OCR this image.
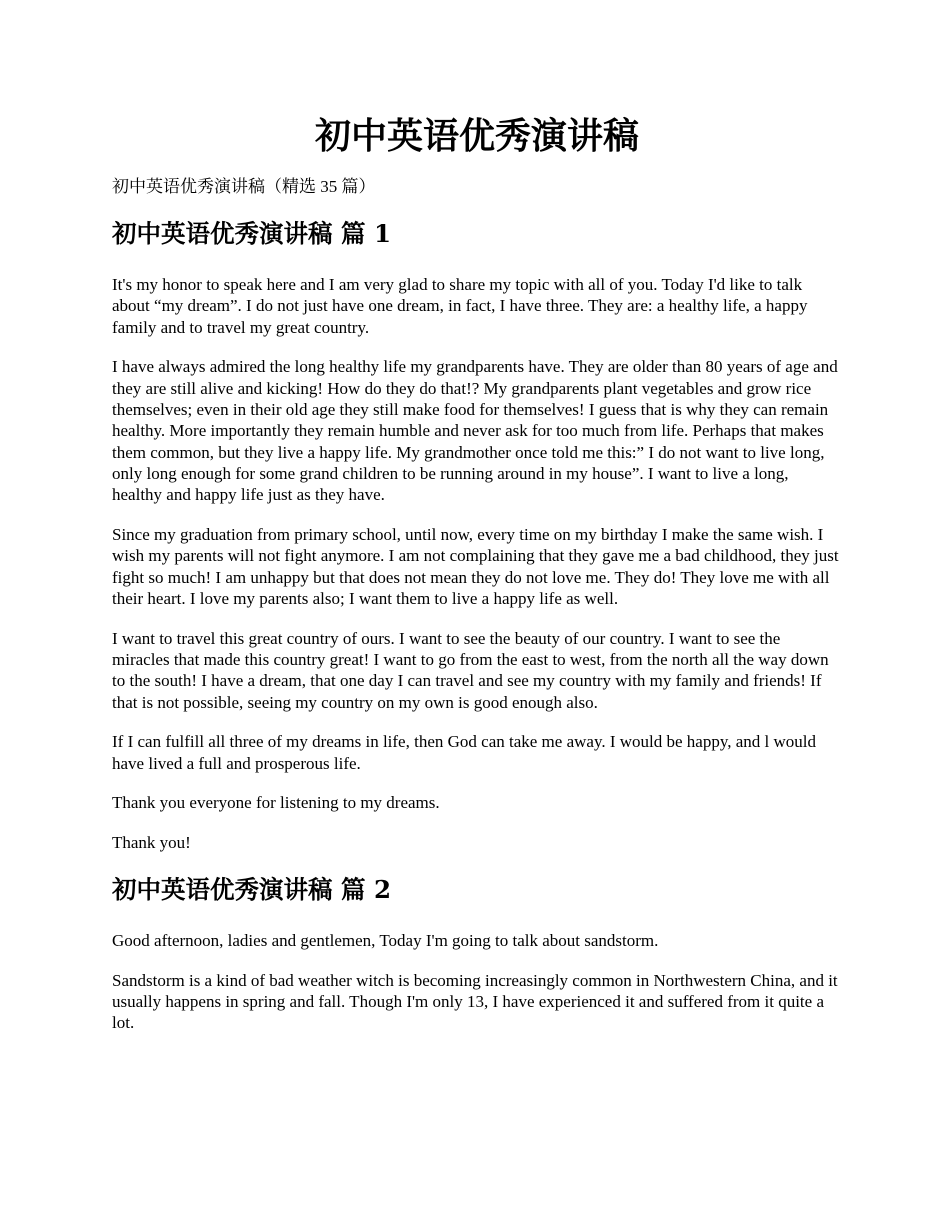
初中英语优秀演讲稿

初中英语优秀演讲稿（精选 35 篇）

初中英语优秀演讲稿 篇 1

It's my honor to speak here and I am very glad to share my topic with all of you. Today I'd like to talk about “my dream”. I do not just have one dream, in fact, I have three. They are: a healthy life, a happy family and to travel my great country.

I have always admired the long healthy life my grandparents have. They are older than 80 years of age and they are still alive and kicking! How do they do that!? My grandparents plant vegetables and grow rice themselves; even in their old age they still make food for themselves! I guess that is why they can remain healthy. More importantly they remain humble and never ask for too much from life. Perhaps that makes them common, but they live a happy life. My grandmother once told me this:” I do not want to live long, only long enough for some grand children to be running around in my house”. I want to live a long, healthy and happy life just as they have.

Since my graduation from primary school, until now, every time on my birthday I make the same wish. I wish my parents will not fight anymore. I am not complaining that they gave me a bad childhood, they just fight so much! I am unhappy but that does not mean they do not love me. They do! They love me with all their heart. I love my parents also; I want them to live a happy life as well.

I want to travel this great country of ours. I want to see the beauty of our country. I want to see the miracles that made this country great! I want to go from the east to west, from the north all the way down to the south! I have a dream, that one day I can travel and see my country with my family and friends! If that is not possible, seeing my country on my own is good enough also.

If I can fulfill all three of my dreams in life, then God can take me away. I would be happy, and l would have lived a full and prosperous life.

Thank you everyone for listening to my dreams.

Thank you!

初中英语优秀演讲稿 篇 2

Good afternoon, ladies and gentlemen, Today I'm going to talk about sandstorm.

Sandstorm is a kind of bad weather witch is becoming increasingly common in Northwestern China, and it usually happens in spring and fall. Though I'm only 13, I have experienced it and suffered from it quite a lot.
